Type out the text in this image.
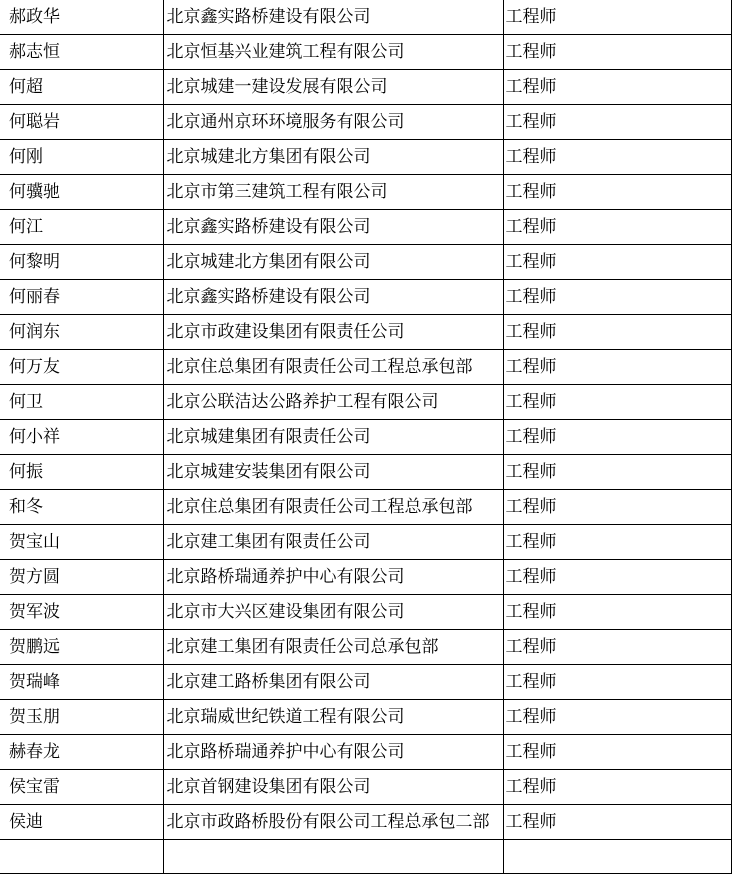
郝政华	北京鑫实路桥建设有限公司	工程师
郝志恒	北京恒基兴业建筑工程有限公司	工程师
何超	北京城建一建设发展有限公司	工程师
何聪岩	北京通州京环环境服务有限公司	工程师
何刚	北京城建北方集团有限公司	工程师
何骥驰	北京市第三建筑工程有限公司	工程师
何江	北京鑫实路桥建设有限公司	工程师
何黎明	北京城建北方集团有限公司	工程师
何丽春	北京鑫实路桥建设有限公司	工程师
何润东	北京市政建设集团有限责任公司	工程师
何万友	北京住总集团有限责任公司工程总承包部	工程师
何卫	北京公联洁达公路养护工程有限公司	工程师
何小祥	北京城建集团有限责任公司	工程师
何振	北京城建安装集团有限公司	工程师
和冬	北京住总集团有限责任公司工程总承包部	工程师
贺宝山	北京建工集团有限责任公司	工程师
贺方圆	北京路桥瑞通养护中心有限公司	工程师
贺军波	北京市大兴区建设集团有限公司	工程师
贺鹏远	北京建工集团有限责任公司总承包部	工程师
贺瑞峰	北京建工路桥集团有限公司	工程师
贺玉朋	北京瑞威世纪铁道工程有限公司	工程师
赫春龙	北京路桥瑞通养护中心有限公司	工程师
侯宝雷	北京首钢建设集团有限公司	工程师
侯迪	北京市政路桥股份有限公司工程总承包二部	工程师
